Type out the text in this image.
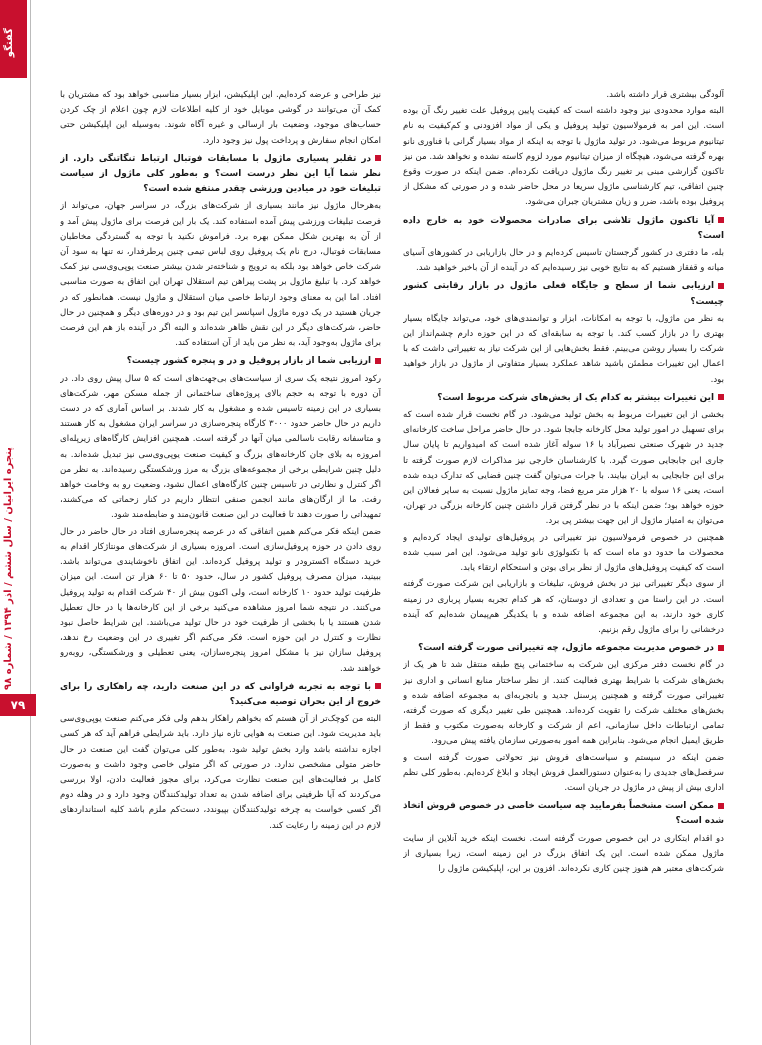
گفتگو
پنجره ایرانیان / سال ششم / آذر ۱۳۹۴ / شماره ۹۸
۷۹

آلودگی بیشتری قرار داشته باشد.

البته موارد محدودی نیز وجود داشته است که کیفیت پایین پروفیل علت تغییر رنگ آن بوده است. این امر به فرمولاسیون تولید پروفیل و یکی از مواد افزودنی و کم‌کیفیت به نام تیتانیوم مربوط می‌شود. در تولید ماژول با توجه به اینکه از مواد بسیار گرانی با فناوری نانو بهره گرفته می‌شود، هیچگاه از میزان تیتانیوم مورد لزوم کاسته نشده و نخواهد شد. من نیز تاکنون گزارشی مبنی بر تغییر رنگ ماژول دریافت نکرده‌ام. ضمن اینکه در صورت وقوع چنین اتفاقی، تیم کارشناسی ماژول سریعا در محل حاضر شده و در صورتی که مشکل از پروفیل بوده باشد، ضرر و زیان مشتریان جبران می‌شود.

آیا تاکنون ماژول تلاشی برای صادرات محصولات خود به خارج داده است؟

بله، ما دفتری در کشور گرجستان تاسیس کرده‌ایم و در حال بازاریابی در کشورهای آسیای میانه و قفقاز هستیم که به نتایج خوبی نیز رسیده‌ایم که در آینده از آن باخبر خواهید شد.

ارزیابی شما از سطح و جایگاه فعلی ماژول در بازار رقابتی کشور چیست؟

به نظر من ماژول، با توجه به امکانات، ابزار و توانمندی‌های خود، می‌تواند جایگاه بسیار بهتری را در بازار کسب کند. با توجه به سابقه‌ای که در این حوزه دارم چشم‌انداز این شرکت را بسیار روشن می‌بینم. فقط بخش‌هایی از این شرکت نیاز به تغییراتی داشت که با اعمال این تغییرات مطمئن باشید شاهد عملکرد بسیار متفاوتی از ماژول در بازار خواهید بود.

این تغییرات بیشتر به کدام یک از بخش‌های شرکت مربوط است؟

بخشی از این تغییرات مربوط به بخش تولید می‌شود. در گام نخست قرار شده است که برای تسهیل در امور تولید محل کارخانه جابجا شود. در حال حاضر مراحل ساخت کارخانه‌ای جدید در شهرک صنعتی نصیرآباد با ۱۶ سوله آغاز شده است که امیدواریم تا پایان سال جاری این جابجایی صورت گیرد. با کارشناسان خارجی نیز مذاکرات لازم صورت گرفته تا برای این جابجایی به ایران بیایند. با جرات می‌توان گفت چنین فضایی که تدارک دیده شده است، یعنی ۱۶ سوله با ۲۰ هزار متر مربع فضا، وجه تمایز ماژول نسبت به سایر فعالان این حوزه خواهد بود؛ ضمن اینکه با در نظر گرفتن قرار داشتن چنین کارخانه بزرگی در تهران، می‌توان به امتیاز ماژول از این جهت بیشتر پی برد.

همچنین در خصوص فرمولاسیون نیز تغییراتی در پروفیل‌های تولیدی ایجاد کرده‌ایم و محصولات ما حدود دو ماه است که با تکنولوژی نانو تولید می‌شود. این امر سبب شده است که کیفیت پروفیل‌های ماژول از نظر برای بوتن و استحکام ارتقاء یابد.

از سوی دیگر تغییراتی نیز در بخش فروش، تبلیغات و بازاریابی این شرکت صورت گرفته است. در این راستا من و تعدادی از دوستان، که هر کدام تجربه بسیار پرباری در زمینه کاری خود دارند، به این مجموعه اضافه شده و با یکدیگر هم‌پیمان شده‌ایم که آینده درخشانی را برای ماژول رقم بزنیم.

در خصوص مدیریت مجموعه ماژول، چه تغییراتی صورت گرفته است؟

در گام نخست دفتر مرکزی این شرکت به ساختمانی پنج طبقه منتقل شد تا هر یک از بخش‌های شرکت با شرایط بهتری فعالیت کنند. از نظر ساختار منابع انسانی و اداری نیز تغییراتی صورت گرفته و همچنین پرسنل جدید و باتجربه‌ای به مجموعه اضافه شده و بخش‌های مختلف شرکت را تقویت کرده‌اند. همچنین طی تغییر دیگری که صورت گرفته، تمامی ارتباطات داخل سازمانی، اعم از شرکت و کارخانه به‌صورت مکتوب و فقط از طریق ایمیل انجام می‌شود. بنابراین همه امور به‌صورتی سازمان یافته پیش می‌رود.

ضمن اینکه در سیستم و سیاست‌های فروش نیز تحولاتی صورت گرفته است و سرفصل‌های جدیدی را به‌عنوان دستورالعمل فروش ایجاد و ابلاغ کرده‌ایم. به‌طور کلی نظم اداری بیش از پیش در ماژول در جریان است.

ممکن است مشخصاً بفرمایید چه سیاست خاصی در خصوص فروش اتخاذ شده است؟

دو اقدام ابتکاری در این خصوص صورت گرفته است. نخست اینکه خرید آنلاین از سایت ماژول ممکن شده است. این یک اتفاق بزرگ در این زمینه است، زیرا بسیاری از شرکت‌های معتبر هم هنوز چنین کاری نکرده‌اند. افزون بر این، اپلیکیشن ماژول را

نیز طراحی و عرضه کرده‌ایم. این اپلیکیشن، ابزار بسیار مناسبی خواهد بود که مشتریان با کمک آن می‌توانند در گوشی موبایل خود از کلیه اطلاعات لازم چون اعلام از چک کردن حساب‌های موجود، وضعیت بار ارسالی و غیره آگاه شوند. به‌وسیله این اپلیکیشن حتی امکان انجام سفارش و پرداخت پول نیز وجود دارد.

در تقلبر پسیاری ماژول با مسابقات فوتبال ارتباط تنگاتنگی دارد. از نظر شما آیا این نظر درست است؟ و به‌طور کلی ماژول از سیاست تبلیغات خود در میادین ورزشی چقدر منتفع شده است؟

به‌هرحال ماژول نیز مانند بسیاری از شرکت‌های بزرگ، در سراسر جهان، می‌تواند از فرصت تبلیغات ورزشی پیش آمده استفاده کند. یک بار این فرصت برای ماژول پیش آمد و از آن به بهترین شکل ممکن بهره برد. فراموش نکنید با توجه به گستردگی مخاطبان مسابقات فوتبال، درج نام یک پروفیل روی لباس تیمی چنین پرطرفدار، نه تنها به سود آن شرکت خاص خواهد بود بلکه به ترویج و شناخته‌تر شدن بیشتر صنعت یوپی‌وی‌سی نیز کمک خواهد کرد. با تبلیغ ماژول بر پشت پیراهن تیم استقلال تهران این اتفاق به صورت مناسبی افتاد. اما این به معنای وجود ارتباط خاصی میان استقلال و ماژول نیست. همانطور که در جریان هستید در یک دوره ماژول اسپانسر این تیم بود و در دوره‌های دیگر و همچنین در حال حاضر، شرکت‌های دیگر در این نقش ظاهر شده‌اند و البته اگر در آینده باز هم این فرصت برای ماژول به‌وجود آید، به نظر من باید از آن استفاده کند.

ارزیابی شما از بازار پروفیل و در و پنجره کشور چیست؟

رکود امروز نتیجه یک سری از سیاست‌های بی‌جهت‌های است که ۵ سال پیش روی داد. در آن دوره با توجه به حجم بالای پروژه‌های ساختمانی از جمله مسکن مهر، شرکت‌های بسیاری در این زمینه تاسیس شده و مشغول به کار شدند. بر اساس آماری که در دست داریم در حال حاضر حدود ۳۰۰۰ کارگاه پنجره‌سازی در سراسر ایران مشغول به کار هستند و متاسفانه رقابت ناسالمی میان آنها در گرفته است. همچنین افزایش کارگاه‌های زیرپله‌ای امروزه به بلای جان کارخانه‌های بزرگ و کیفیت صنعت یوپی‌وی‌سی نیز تبدیل شده‌اند. به دلیل چنین شرایطی برخی از مجموعه‌های بزرگ به مرز ورشکستگی رسیده‌اند. به نظر من اگر کنترل و نظارتی در تاسیس چنین کارگاه‌های اعمال نشود، وضعیت رو به وخامت خواهد رفت. ما از ارگان‌های مانند انجمن صنفی انتظار داریم در کنار زحماتی که می‌کشند، تمهیداتی را صورت دهند تا فعالیت در این صنعت قانون‌مند و ضابطه‌مند شود.

ضمن اینکه فکر می‌کنم همین اتفاقی که در عرصه پنجره‌سازی افتاد در حال حاضر در حال روی دادن در حوزه پروفیل‌سازی است. امروزه بسیاری از شرکت‌های مونتاژکار اقدام به خرید دستگاه اکسترودر و تولید پروفیل کرده‌اند. این اتفاق ناخوشایندی می‌تواند باشد. ببینید، میزان مصرف پروفیل کشور در سال، حدود ۵۰ تا ۶۰ هزار تن است. این میزان ظرفیت تولید حدود ۱۰ کارخانه است، ولی اکنون بیش از ۴۰ شرکت اقدام به تولید پروفیل می‌کنند. در نتیجه شما امروز مشاهده می‌کنید برخی از این کارخانه‌ها یا در حال تعطیل شدن هستند یا با بخشی از ظرفیت خود در حال تولید می‌باشند. این شرایط حاصل نبود نظارت و کنترل در این حوزه است. فکر می‌کنم اگر تغییری در این وضعیت رخ ندهد، پروفیل سازان نیز با مشکل امروز پنجره‌سازان، یعنی تعطیلی و ورشکستگی، روبه‌رو خواهند شد.

با توجه به تجربه فراوانی که در این صنعت دارید، چه راهکاری را برای خروج از این بحران توصیه می‌کنید؟

البته من کوچک‌تر از آن هستم که بخواهم راهکار بدهم ولی فکر می‌کنم صنعت یوپی‌وی‌سی باید مدیریت شود. این صنعت به هوایی تازه نیاز دارد. باید شرایطی فراهم آید که هر کسی اجازه نداشته باشد وارد بخش تولید شود. به‌طور کلی می‌توان گفت این صنعت در حال حاضر متولی مشخصی ندارد. در صورتی که اگر متولی خاصی وجود داشت و به‌صورت کامل بر فعالیت‌های این صنعت نظارت می‌کرد، برای مجوز فعالیت دادن، اولا بررسی می‌کردند که آیا ظرفیتی برای اضافه شدن به تعداد تولیدکنندگان وجود دارد و در وهله دوم اگر کسی خواست به چرخه تولیدکنندگان بپیوندد، دست‌کم ملزم باشد کلیه استانداردهای لازم در این زمینه را رعایت کند.
